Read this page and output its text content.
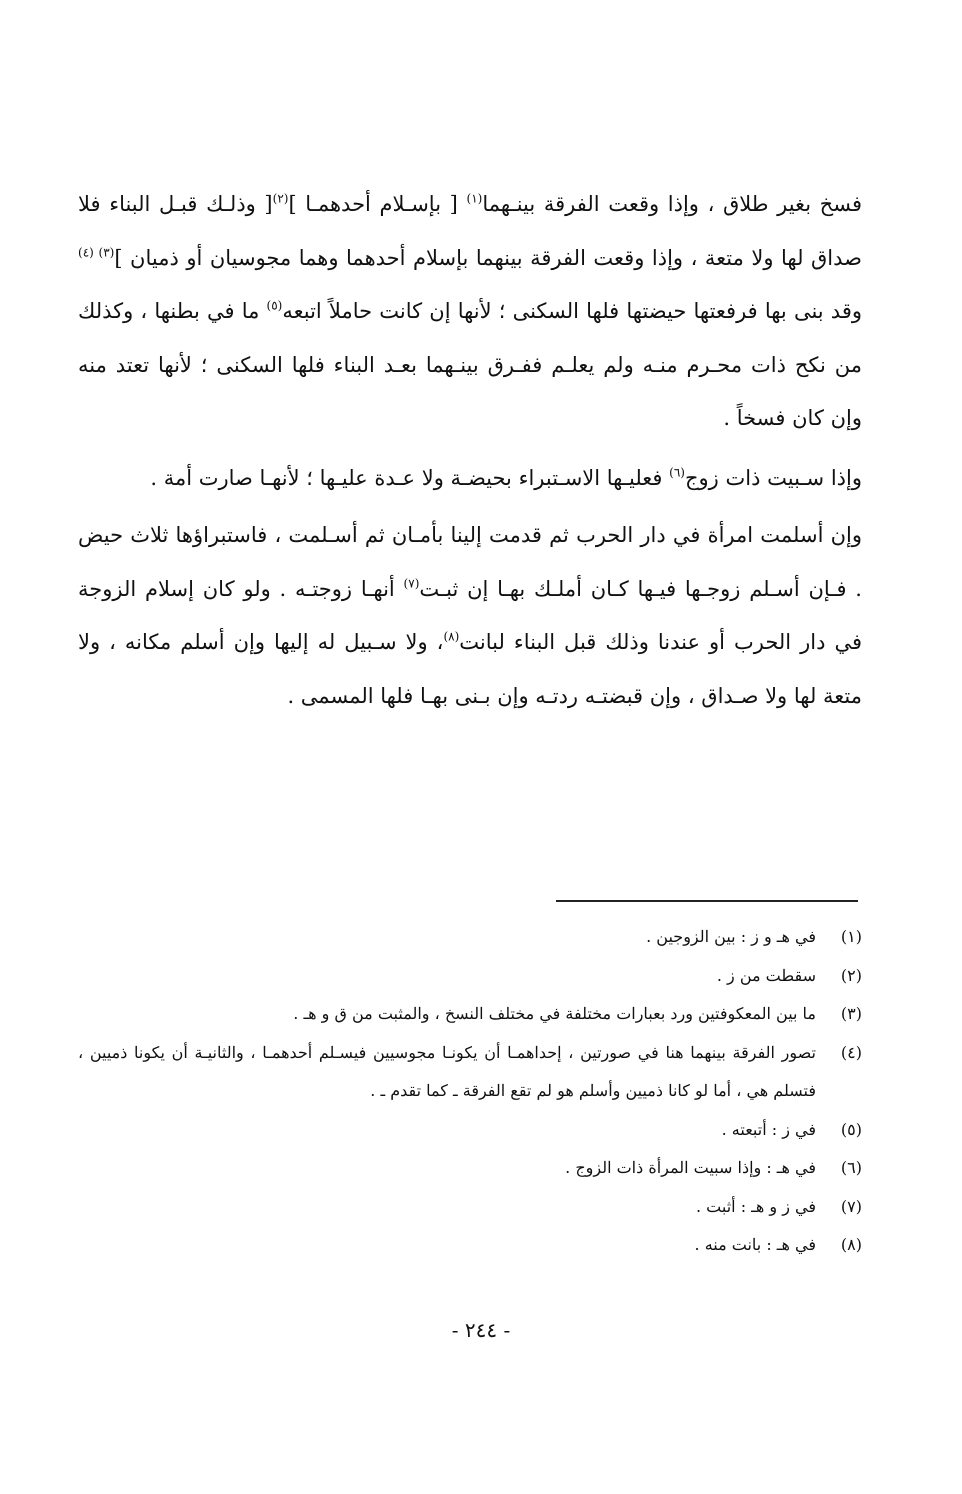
فسخ بغير طلاق ، وإذا وقعت الفرقة بينـهما$^{(١)}$ [ بإسـلام أحدهمـا ]$^{(٢)}$[ وذلـك قبـل البناء فلا صداق لها ولا متعة ، وإذا وقعت الفرقة بينهما بإسلام أحدهما وهما مجوسيان أو ذميان ]$^{(٣)}$ $^{(٤)}$ وقد بنى بها فرفعتها حيضتها فلها السكنى ؛ لأنها إن كانت حاملاً اتبعه$^{(٥)}$ ما في بطنها ، وكذلك من نكح ذات محـرم منـه ولم يعلـم ففـرق بينـهما بعـد البناء فلها السكنى ؛ لأنها تعتد منه وإن كان فسخاً .

وإذا سـبيت ذات زوج$^{(٦)}$ فعليـها الاسـتبراء بحيضـة ولا عـدة عليـها ؛ لأنهـا صارت أمة .

وإن أسلمت امرأة في دار الحرب ثم قدمت إلينا بأمـان ثم أسـلمت ، فاستبراؤها ثلاث حيض . فـإن أسـلم زوجـها فيـها كـان أملـك بهـا إن ثبـت$^{(٧)}$ أنهـا زوجتـه . ولو كان إسلام الزوجة في دار الحرب أو عندنا وذلك قبل البناء لبانت$^{(٨)}$، ولا سـبيل له إليها وإن أسلم مكانه ، ولا متعة لها ولا صـداق ، وإن قبضتـه ردتـه وإن بـنى بهـا فلها المسمى .

(١)
في هـ و ز : بين الزوجين .

(٢)
سقطت من ز .

(٣)
ما بين المعكوفتين ورد بعبارات مختلفة في مختلف النسخ ، والمثبت من ق و هـ .

(٤)
تصور الفرقة بينهما هنا في صورتين ، إحداهمـا أن يكونـا مجوسيين فيسـلم أحدهمـا ، والثانيـة أن يكونا ذميين ، فتسلم هي ، أما لو كانا ذميين وأسلم هو لم تقع الفرقة ـ كما تقدم ـ .

(٥)
في ز : أتبعته .

(٦)
في هـ : وإذا سبيت المرأة ذات الزوج .

(٧)
في ز و هـ : أثبت .

(٨)
في هـ : بانت منه .

- ٢٤٤ -
